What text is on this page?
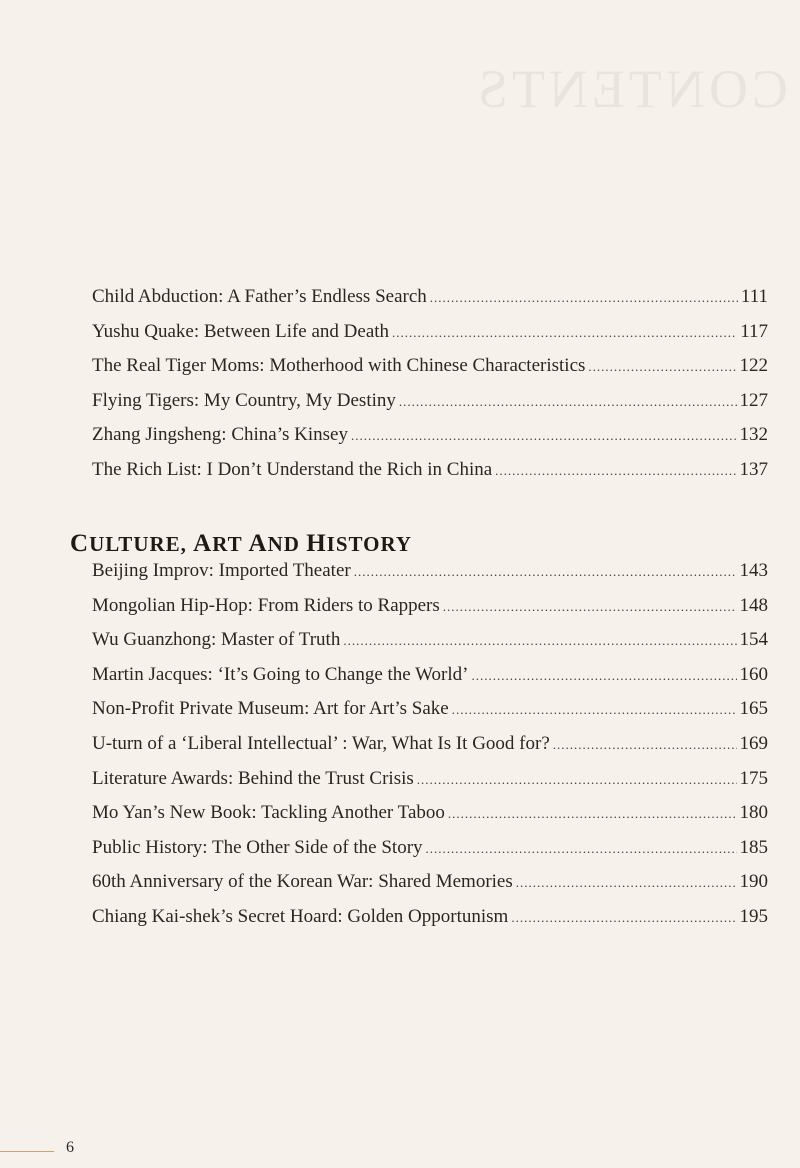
CONTENTS
Child Abduction: A Father’s Endless Search .....	111
Yushu Quake: Between Life and Death .....	117
The Real Tiger Moms: Motherhood with Chinese Characteristics .....	122
Flying Tigers: My Country, My Destiny .....	127
Zhang Jingsheng: China’s Kinsey .....	132
The Rich List: I Don’t Understand the Rich in China .....	137
CULTURE, ART AND HISTORY
Beijing Improv: Imported Theater .....	143
Mongolian Hip-Hop: From Riders to Rappers .....	148
Wu Guanzhong: Master of Truth .....	154
Martin Jacques: ‘It’s Going to Change the World’ .....	160
Non-Profit Private Museum: Art for Art’s Sake .....	165
U-turn of a ‘Liberal Intellectual’ : War, What Is It Good for? .....	169
Literature Awards: Behind the Trust Crisis .....	175
Mo Yan’s New Book: Tackling Another Taboo .....	180
Public History: The Other Side of the Story .....	185
60th Anniversary of the Korean War: Shared Memories .....	190
Chiang Kai-shek’s Secret Hoard: Golden Opportunism .....	195
6
